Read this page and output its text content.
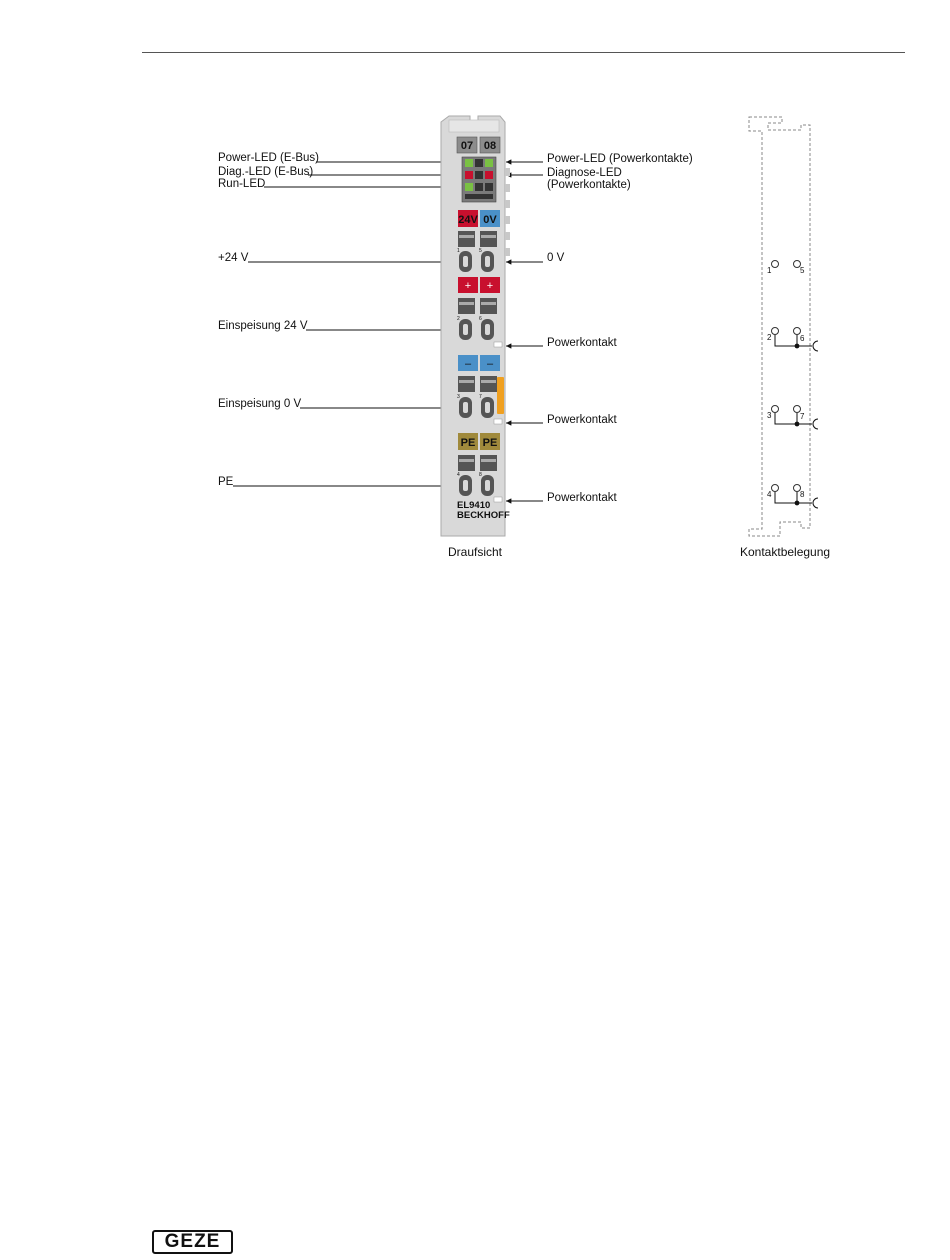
Power-LED (E-Bus)
Diag.-LED (E-Bus)
Run-LED
+24 V
Einspeisung 24 V
Einspeisung 0 V
PE
Power-LED (Powerkontakte)
Diagnose-LED
(Powerkontakte)
0 V
Powerkontakt
Powerkontakt
Powerkontakt
Draufsicht	Kontaktbelegung
07 08
24V 0V
+ +
– –
PE PE
EL9410
BECKHOFF
1	5
2	6
3	7
4	8
1	5
2	6
3	7
4	8
GEZE
